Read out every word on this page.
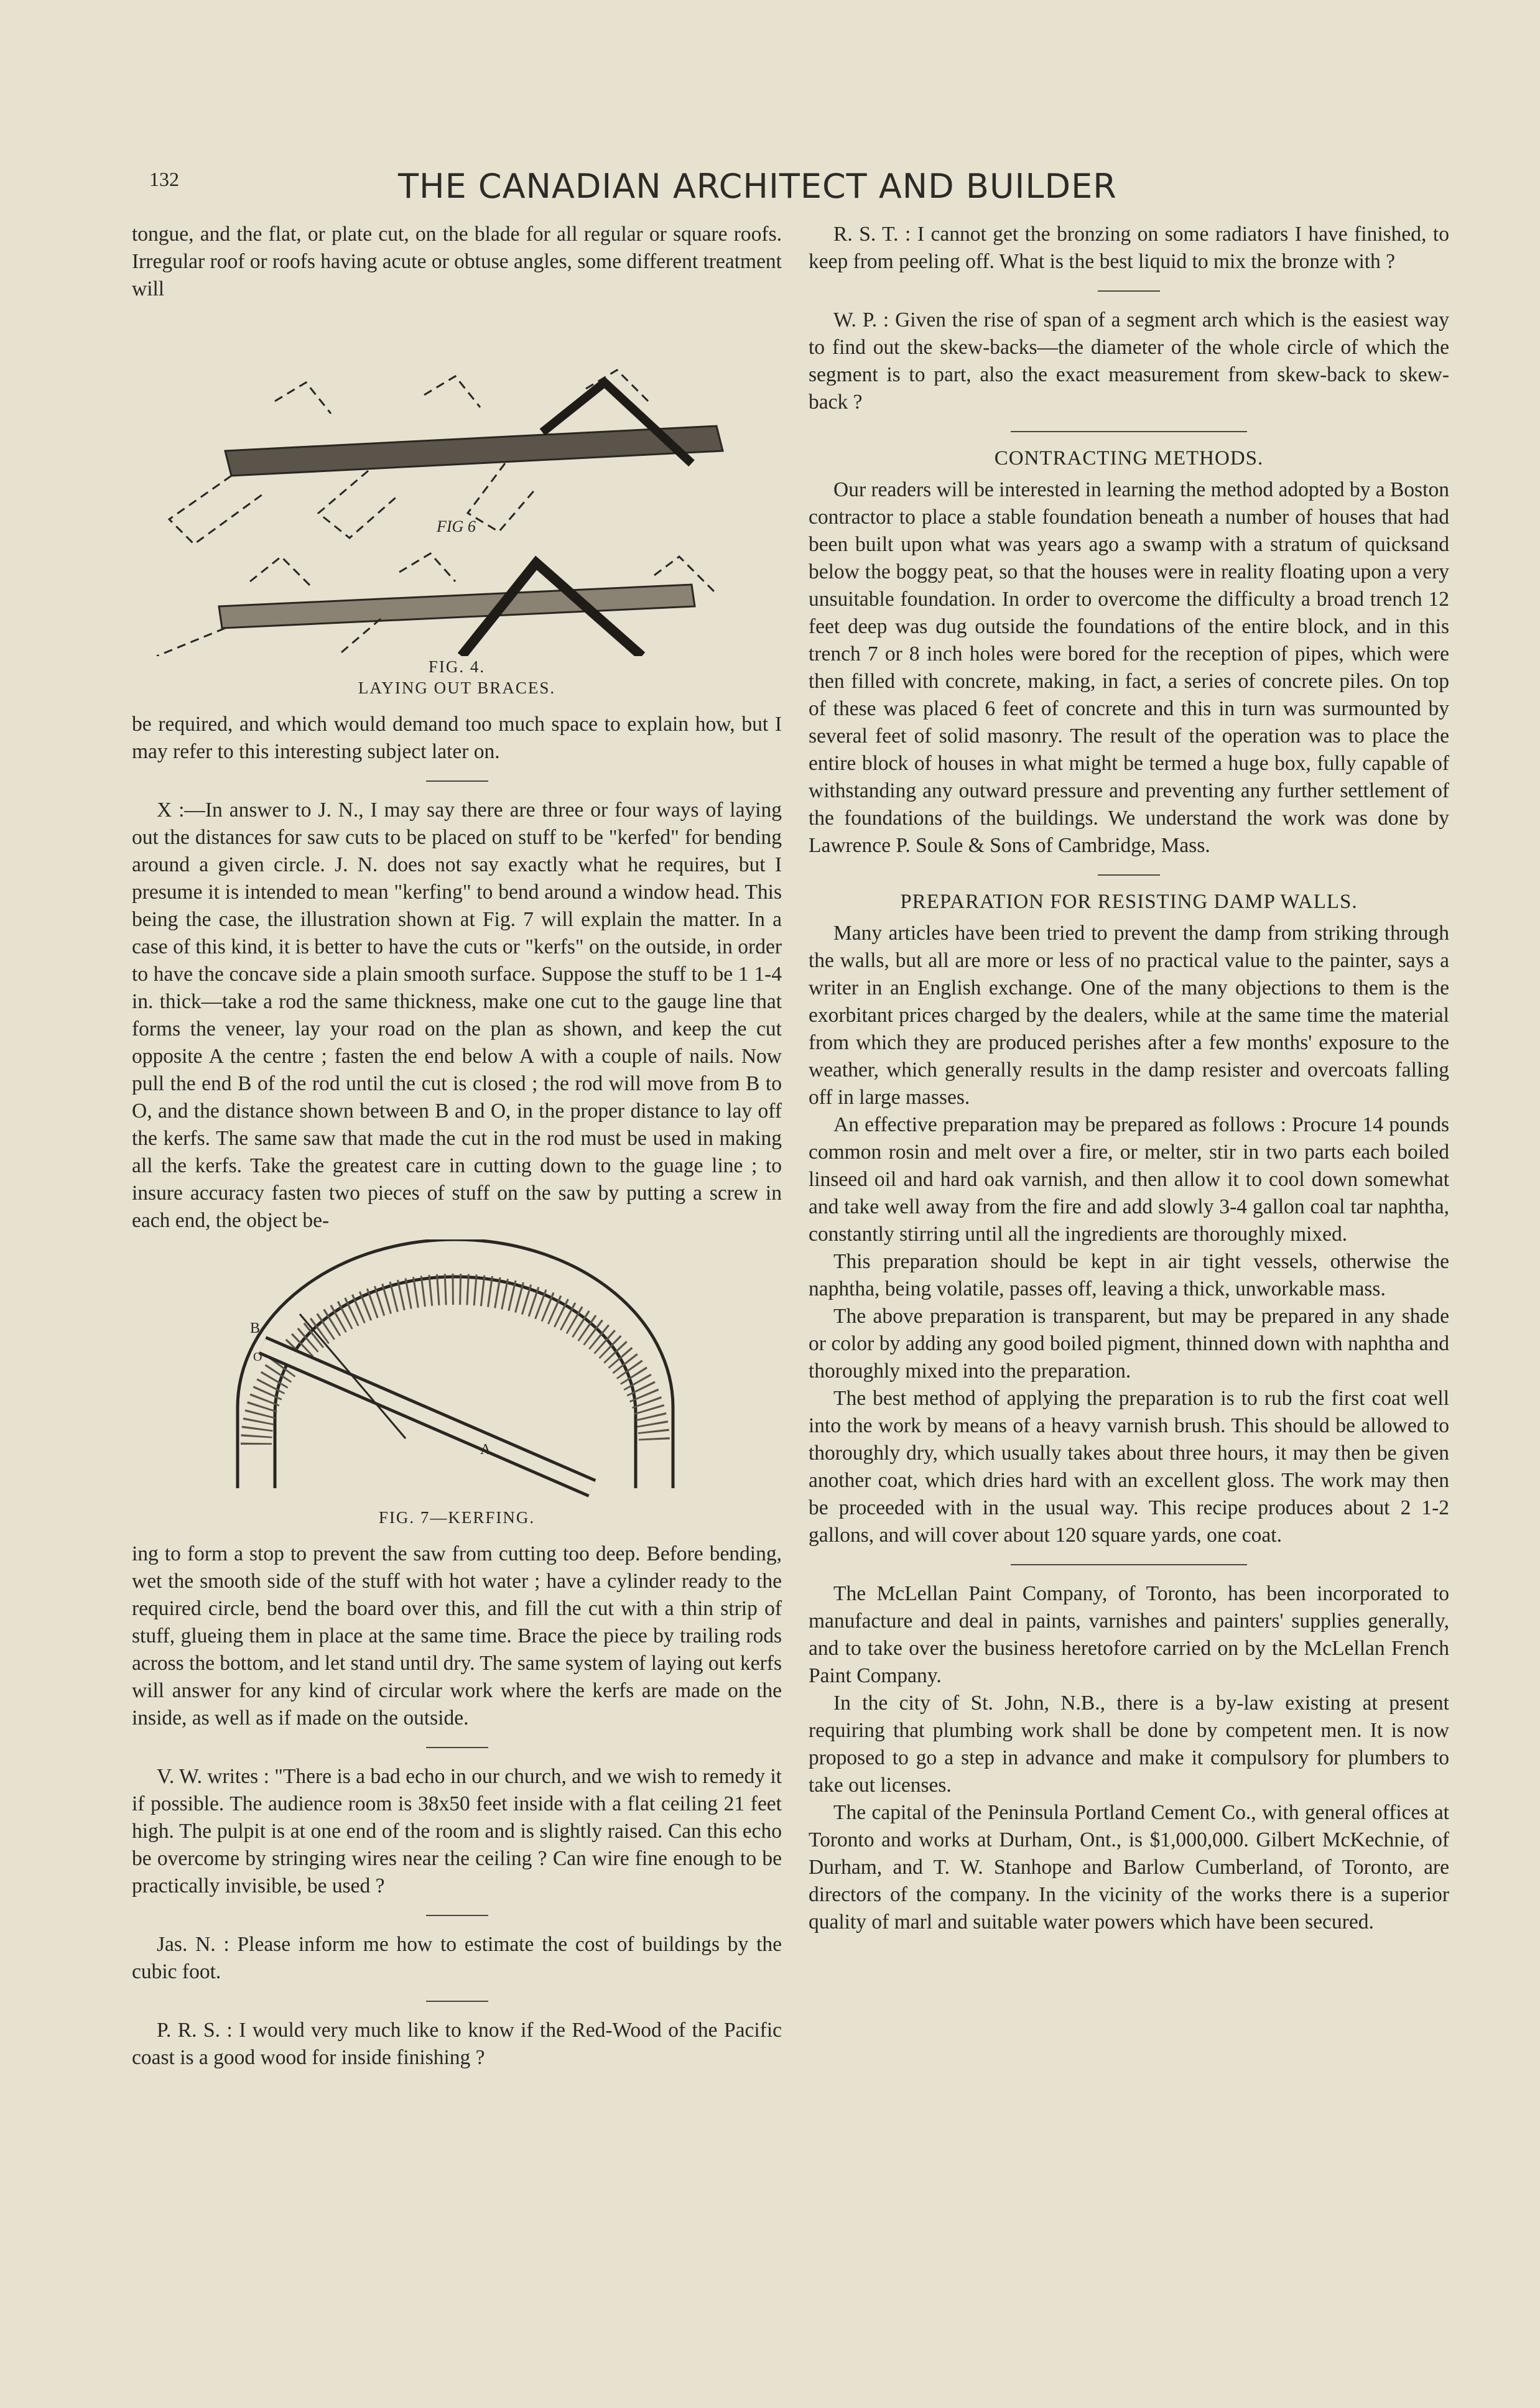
132	THE CANADIAN ARCHITECT AND BUILDER

tongue, and the flat, or plate cut, on the blade for all regular or square roofs. Irregular roof or roofs having acute or obtuse angles, some different treatment will

FIG 6
FIG. 4.
LAYING OUT BRACES.

be required, and which would demand too much space to explain how, but I may refer to this interesting subject later on.

X :—In answer to J. N., I may say there are three or four ways of laying out the distances for saw cuts to be placed on stuff to be "kerfed" for bending around a given circle. J. N. does not say exactly what he requires, but I presume it is intended to mean "kerfing" to bend around a window head. This being the case, the illustration shown at Fig. 7 will explain the matter. In a case of this kind, it is better to have the cuts or "kerfs" on the outside, in order to have the concave side a plain smooth surface. Suppose the stuff to be 1 1-4 in. thick—take a rod the same thickness, make one cut to the gauge line that forms the veneer, lay your road on the plan as shown, and keep the cut opposite A the centre ; fasten the end below A with a couple of nails. Now pull the end B of the rod until the cut is closed ; the rod will move from B to O, and the distance shown between B and O, in the proper distance to lay off the kerfs. The same saw that made the cut in the rod must be used in making all the kerfs. Take the greatest care in cutting down to the guage line ; to insure accuracy fasten two pieces of stuff on the saw by putting a screw in each end, the object be-

B
O
A
FIG. 7—KERFING.

ing to form a stop to prevent the saw from cutting too deep. Before bending, wet the smooth side of the stuff with hot water ; have a cylinder ready to the required circle, bend the board over this, and fill the cut with a thin strip of stuff, glueing them in place at the same time. Brace the piece by trailing rods across the bottom, and let stand until dry. The same system of laying out kerfs will answer for any kind of circular work where the kerfs are made on the inside, as well as if made on the outside.

V. W. writes : "There is a bad echo in our church, and we wish to remedy it if possible. The audience room is 38x50 feet inside with a flat ceiling 21 feet high. The pulpit is at one end of the room and is slightly raised. Can this echo be overcome by stringing wires near the ceiling ? Can wire fine enough to be practically invisible, be used ?

Jas. N. : Please inform me how to estimate the cost of buildings by the cubic foot.

P. R. S. : I would very much like to know if the Red-Wood of the Pacific coast is a good wood for inside finishing ?

R. S. T. : I cannot get the bronzing on some radiators I have finished, to keep from peeling off. What is the best liquid to mix the bronze with ?

W. P. : Given the rise of span of a segment arch which is the easiest way to find out the skew-backs—the diameter of the whole circle of which the segment is to part, also the exact measurement from skew-back to skew-back ?

CONTRACTING METHODS.

Our readers will be interested in learning the method adopted by a Boston contractor to place a stable foundation beneath a number of houses that had been built upon what was years ago a swamp with a stratum of quicksand below the boggy peat, so that the houses were in reality floating upon a very unsuitable foundation. In order to overcome the difficulty a broad trench 12 feet deep was dug outside the foundations of the entire block, and in this trench 7 or 8 inch holes were bored for the reception of pipes, which were then filled with concrete, making, in fact, a series of concrete piles. On top of these was placed 6 feet of concrete and this in turn was surmounted by several feet of solid masonry. The result of the operation was to place the entire block of houses in what might be termed a huge box, fully capable of withstanding any outward pressure and preventing any further settlement of the foundations of the buildings. We understand the work was done by Lawrence P. Soule & Sons of Cambridge, Mass.

PREPARATION FOR RESISTING DAMP WALLS.

Many articles have been tried to prevent the damp from striking through the walls, but all are more or less of no practical value to the painter, says a writer in an English exchange. One of the many objections to them is the exorbitant prices charged by the dealers, while at the same time the material from which they are produced perishes after a few months' exposure to the weather, which generally results in the damp resister and overcoats falling off in large masses.

An effective preparation may be prepared as follows : Procure 14 pounds common rosin and melt over a fire, or melter, stir in two parts each boiled linseed oil and hard oak varnish, and then allow it to cool down somewhat and take well away from the fire and add slowly 3-4 gallon coal tar naphtha, constantly stirring until all the ingredients are thoroughly mixed.

This preparation should be kept in air tight vessels, otherwise the naphtha, being volatile, passes off, leaving a thick, unworkable mass.

The above preparation is transparent, but may be prepared in any shade or color by adding any good boiled pigment, thinned down with naphtha and thoroughly mixed into the preparation.

The best method of applying the preparation is to rub the first coat well into the work by means of a heavy varnish brush. This should be allowed to thoroughly dry, which usually takes about three hours, it may then be given another coat, which dries hard with an excellent gloss. The work may then be proceeded with in the usual way. This recipe produces about 2 1-2 gallons, and will cover about 120 square yards, one coat.

The McLellan Paint Company, of Toronto, has been incorporated to manufacture and deal in paints, varnishes and painters' supplies generally, and to take over the business heretofore carried on by the McLellan French Paint Company.

In the city of St. John, N.B., there is a by-law existing at present requiring that plumbing work shall be done by competent men. It is now proposed to go a step in advance and make it compulsory for plumbers to take out licenses.

The capital of the Peninsula Portland Cement Co., with general offices at Toronto and works at Durham, Ont., is $1,000,000. Gilbert McKechnie, of Durham, and T. W. Stanhope and Barlow Cumberland, of Toronto, are directors of the company. In the vicinity of the works there is a superior quality of marl and suitable water powers which have been secured.
